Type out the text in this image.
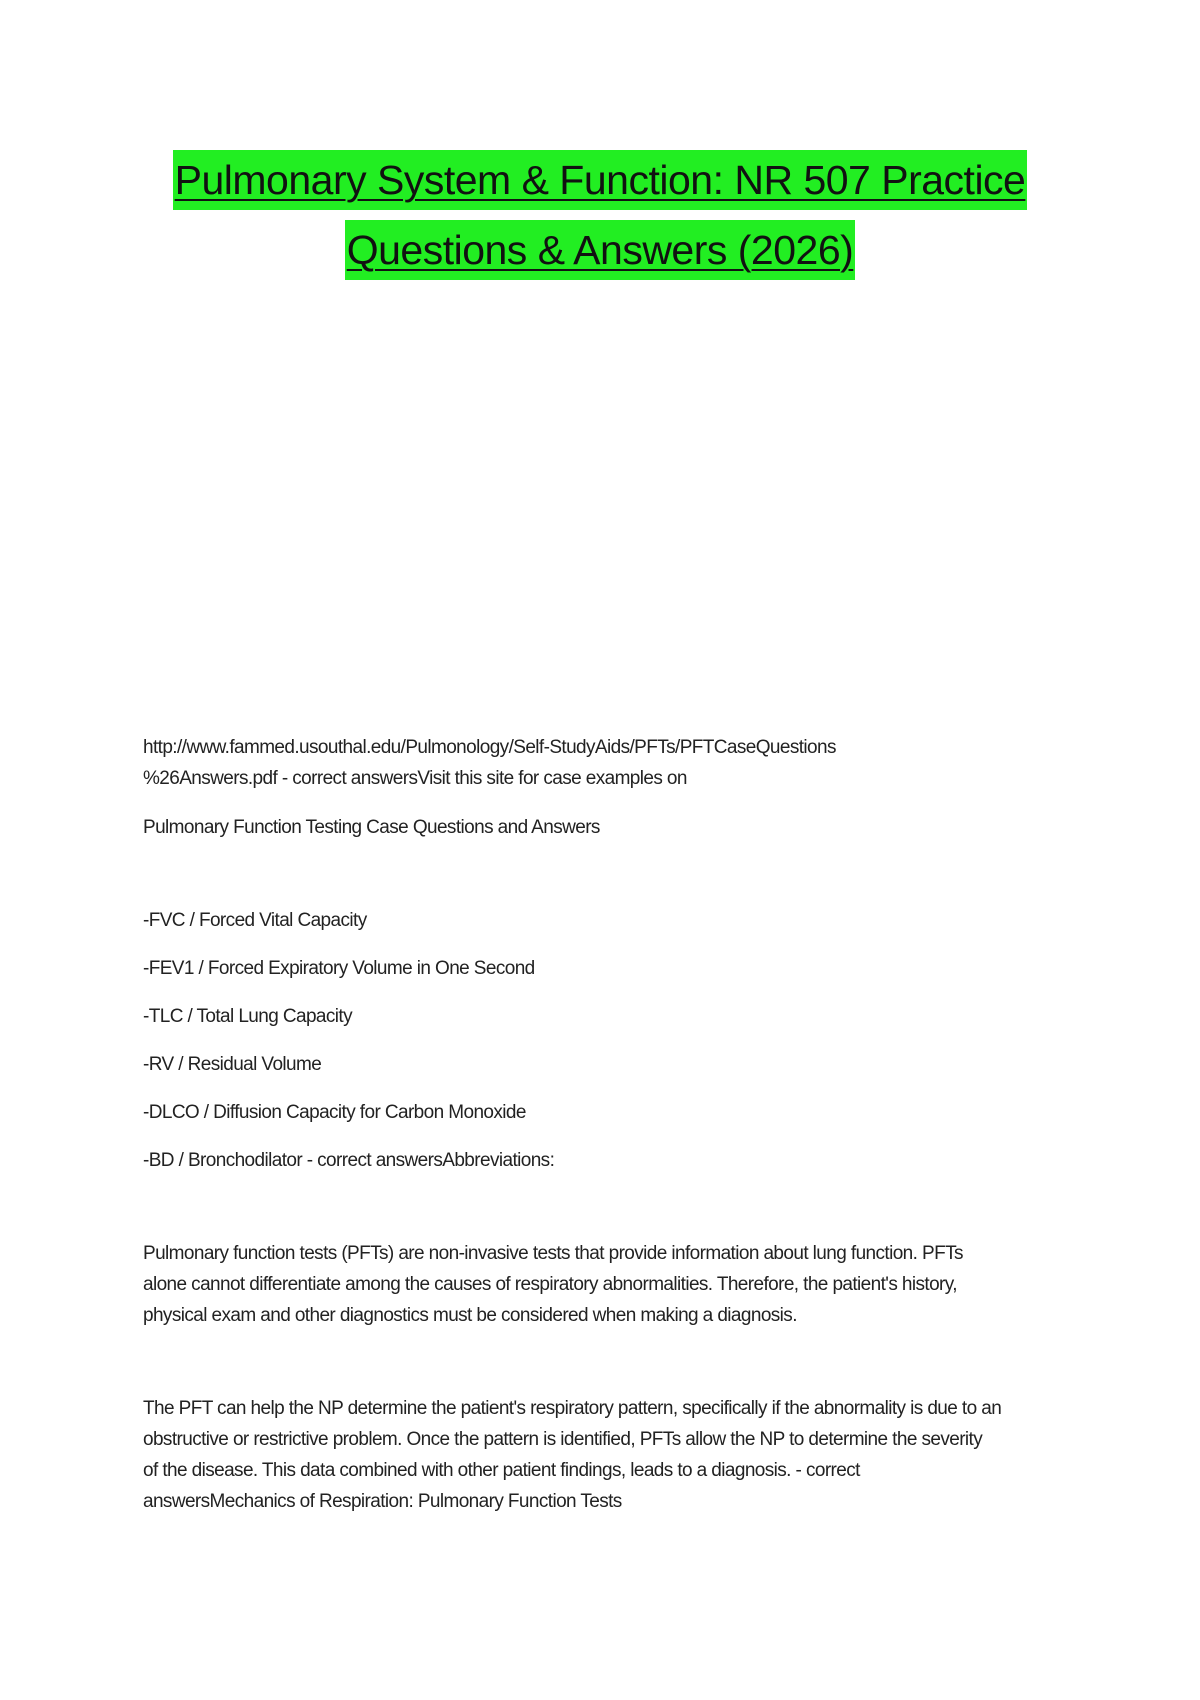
Pulmonary System & Function: NR 507 Practice
Questions & Answers (2026)

http://www.fammed.usouthal.edu/Pulmonology/Self-StudyAids/PFTs/PFTCaseQuestions

%26Answers.pdf - correct answersVisit this site for case examples on

Pulmonary Function Testing Case Questions and Answers

-FVC / Forced Vital Capacity

-FEV1 / Forced Expiratory Volume in One Second

-TLC / Total Lung Capacity

-RV / Residual Volume

-DLCO / Diffusion Capacity for Carbon Monoxide

-BD / Bronchodilator - correct answersAbbreviations:

Pulmonary function tests (PFTs) are non-invasive tests that provide information about lung function. PFTs

alone cannot differentiate among the causes of respiratory abnormalities. Therefore, the patient's history,

physical exam and other diagnostics must be considered when making a diagnosis.

The PFT can help the NP determine the patient's respiratory pattern, specifically if the abnormality is due to an

obstructive or restrictive problem. Once the pattern is identified, PFTs allow the NP to determine the severity

of the disease. This data combined with other patient findings, leads to a diagnosis. - correct

answersMechanics of Respiration: Pulmonary Function Tests
